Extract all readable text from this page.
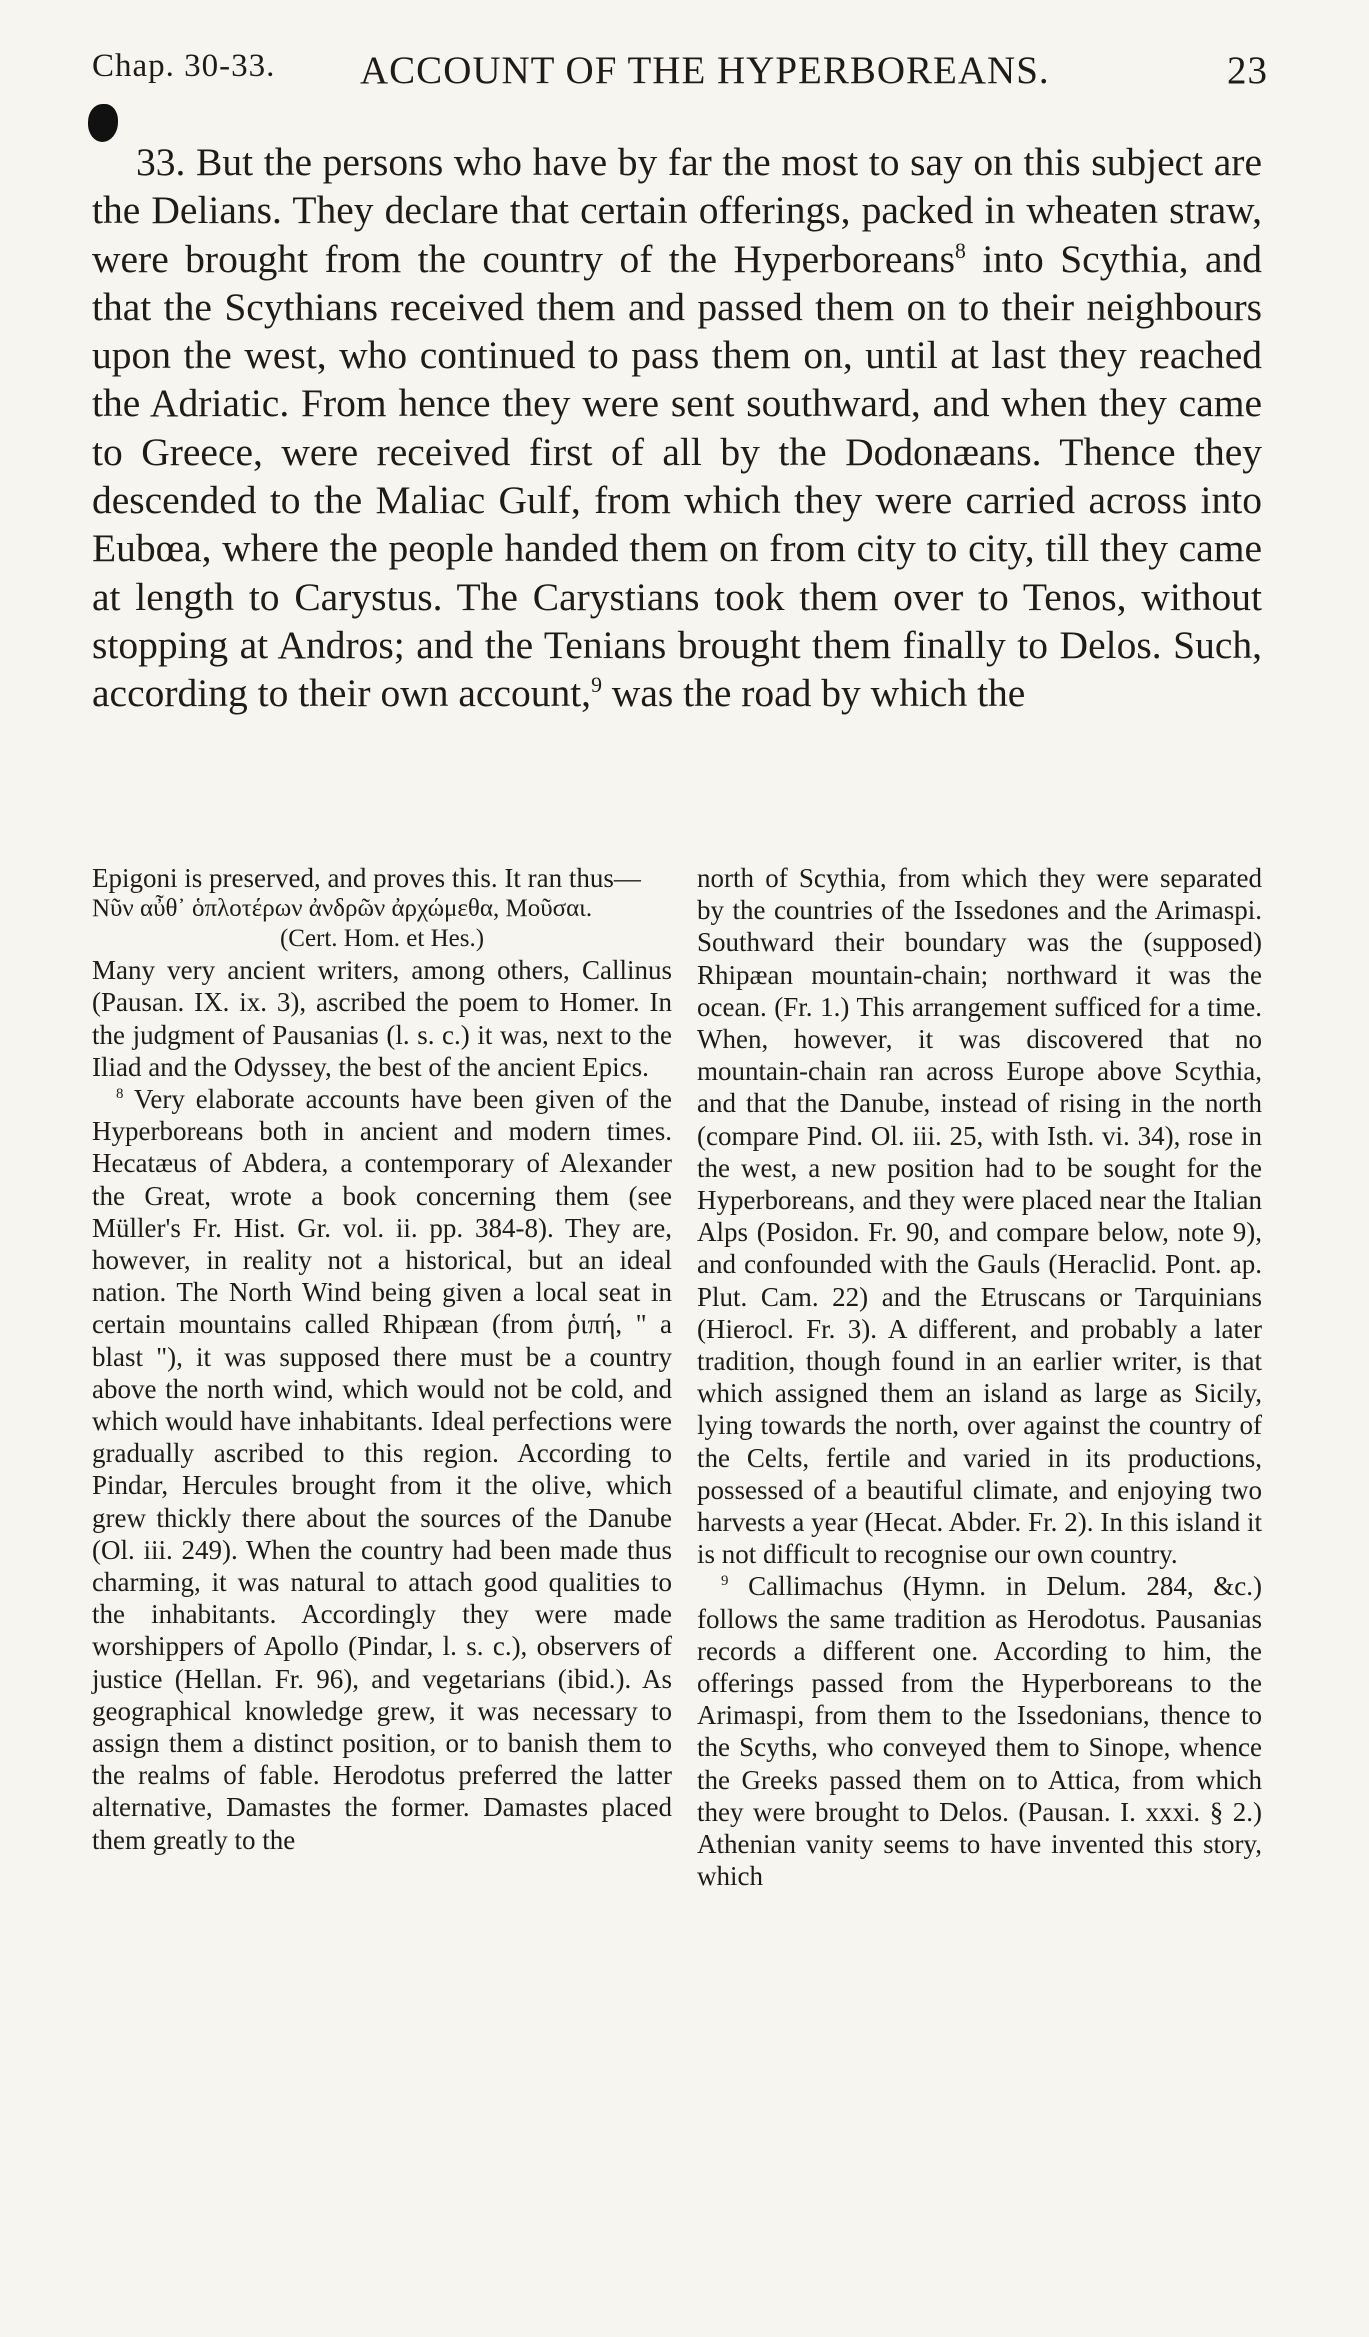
Chap. 30-33. ACCOUNT OF THE HYPERBOREANS.	23

33. But the persons who have by far the most to say on this subject are the Delians. They declare that certain offerings, packed in wheaten straw, were brought from the country of the Hyperboreans$^8$ into Scythia, and that the Scythians received them and passed them on to their neighbours upon the west, who continued to pass them on, until at last they reached the Adriatic. From hence they were sent southward, and when they came to Greece, were received first of all by the Dodonæans. Thence they descended to the Maliac Gulf, from which they were carried across into Eubœa, where the people handed them on from city to city, till they came at length to Carystus. The Carystians took them over to Tenos, without stopping at Andros; and the Tenians brought them finally to Delos. Such, according to their own account,$^9$ was the road by which the

Epigoni is preserved, and proves this. It ran thus—

Νῦν αὖθ᾽ ὁπλοτέρων ἀνδρῶν ἀρχώμεθα, Μοῦσαι.

(Cert. Hom. et Hes.)

Many very ancient writers, among others, Callinus (Pausan. IX. ix. 3), ascribed the poem to Homer. In the judgment of Pausanias (l. s. c.) it was, next to the Iliad and the Odyssey, the best of the ancient Epics.

$^8$ Very elaborate accounts have been given of the Hyperboreans both in ancient and modern times. Hecatæus of Abdera, a contemporary of Alexander the Great, wrote a book concerning them (see Müller's Fr. Hist. Gr. vol. ii. pp. 384-8). They are, however, in reality not a historical, but an ideal nation. The North Wind being given a local seat in certain mountains called Rhipæan (from ῥιπή, " a blast "), it was supposed there must be a country above the north wind, which would not be cold, and which would have inhabitants. Ideal perfections were gradually ascribed to this region. According to Pindar, Hercules brought from it the olive, which grew thickly there about the sources of the Danube (Ol. iii. 249). When the country had been made thus charming, it was natural to attach good qualities to the inhabitants. Accordingly they were made worshippers of Apollo (Pindar, l. s. c.), observers of justice (Hellan. Fr. 96), and vegetarians (ibid.). As geographical knowledge grew, it was necessary to assign them a distinct position, or to banish them to the realms of fable. Herodotus preferred the latter alternative, Damastes the former. Damastes placed them greatly to the

north of Scythia, from which they were separated by the countries of the Issedones and the Arimaspi. Southward their boundary was the (supposed) Rhipæan mountain-chain; northward it was the ocean. (Fr. 1.) This arrangement sufficed for a time. When, however, it was discovered that no mountain-chain ran across Europe above Scythia, and that the Danube, instead of rising in the north (compare Pind. Ol. iii. 25, with Isth. vi. 34), rose in the west, a new position had to be sought for the Hyperboreans, and they were placed near the Italian Alps (Posidon. Fr. 90, and compare below, note 9), and confounded with the Gauls (Heraclid. Pont. ap. Plut. Cam. 22) and the Etruscans or Tarquinians (Hierocl. Fr. 3). A different, and probably a later tradition, though found in an earlier writer, is that which assigned them an island as large as Sicily, lying towards the north, over against the country of the Celts, fertile and varied in its productions, possessed of a beautiful climate, and enjoying two harvests a year (Hecat. Abder. Fr. 2). In this island it is not difficult to recognise our own country.

$^9$ Callimachus (Hymn. in Delum. 284, &c.) follows the same tradition as Herodotus. Pausanias records a different one. According to him, the offerings passed from the Hyperboreans to the Arimaspi, from them to the Issedonians, thence to the Scyths, who conveyed them to Sinope, whence the Greeks passed them on to Attica, from which they were brought to Delos. (Pausan. I. xxxi. § 2.) Athenian vanity seems to have invented this story, which
